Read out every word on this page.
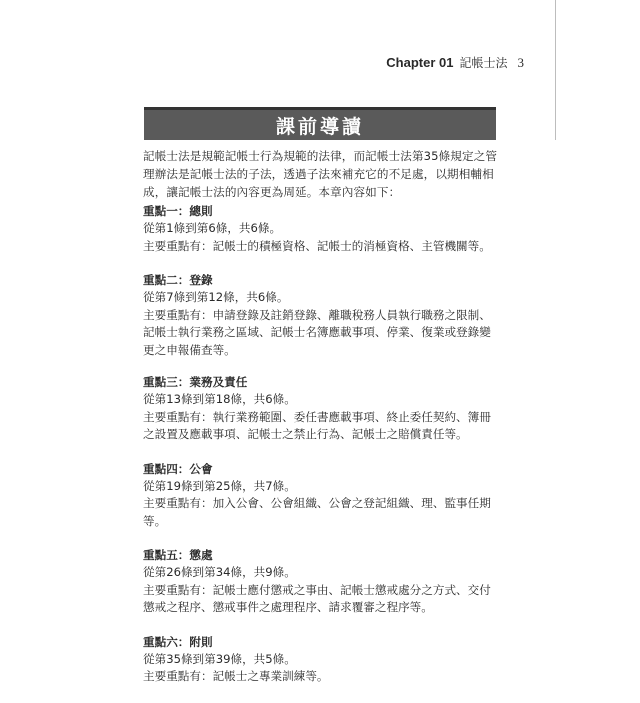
Chapter 01 記帳士法 3
課前導讀

記帳士法是規範記帳士行為規範的法律，而記帳士法第35條規定之管理辦法是記帳士法的子法，透過子法來補充它的不足處，以期相輔相成，讓記帳士法的內容更為周延。本章內容如下：

重點一：總則
從第1條到第6條，共6條。
主要重點有：記帳士的積極資格、記帳士的消極資格、主管機關等。
重點二：登錄
從第7條到第12條，共6條。
主要重點有：申請登錄及註銷登錄、離職稅務人員執行職務之限制、記帳士執行業務之區域、記帳士名簿應載事項、停業、復業或登錄變更之申報備查等。
重點三：業務及責任
從第13條到第18條，共6條。
主要重點有：執行業務範圍、委任書應載事項、終止委任契約、簿冊之設置及應載事項、記帳士之禁止行為、記帳士之賠償責任等。
重點四：公會
從第19條到第25條，共7條。
主要重點有：加入公會、公會組織、公會之登記組織、理、監事任期等。
重點五：懲處
從第26條到第34條，共9條。
主要重點有：記帳士應付懲戒之事由、記帳士懲戒處分之方式、交付懲戒之程序、懲戒事件之處理程序、請求覆審之程序等。
重點六：附則
從第35條到第39條，共5條。
主要重點有：記帳士之專業訓練等。
